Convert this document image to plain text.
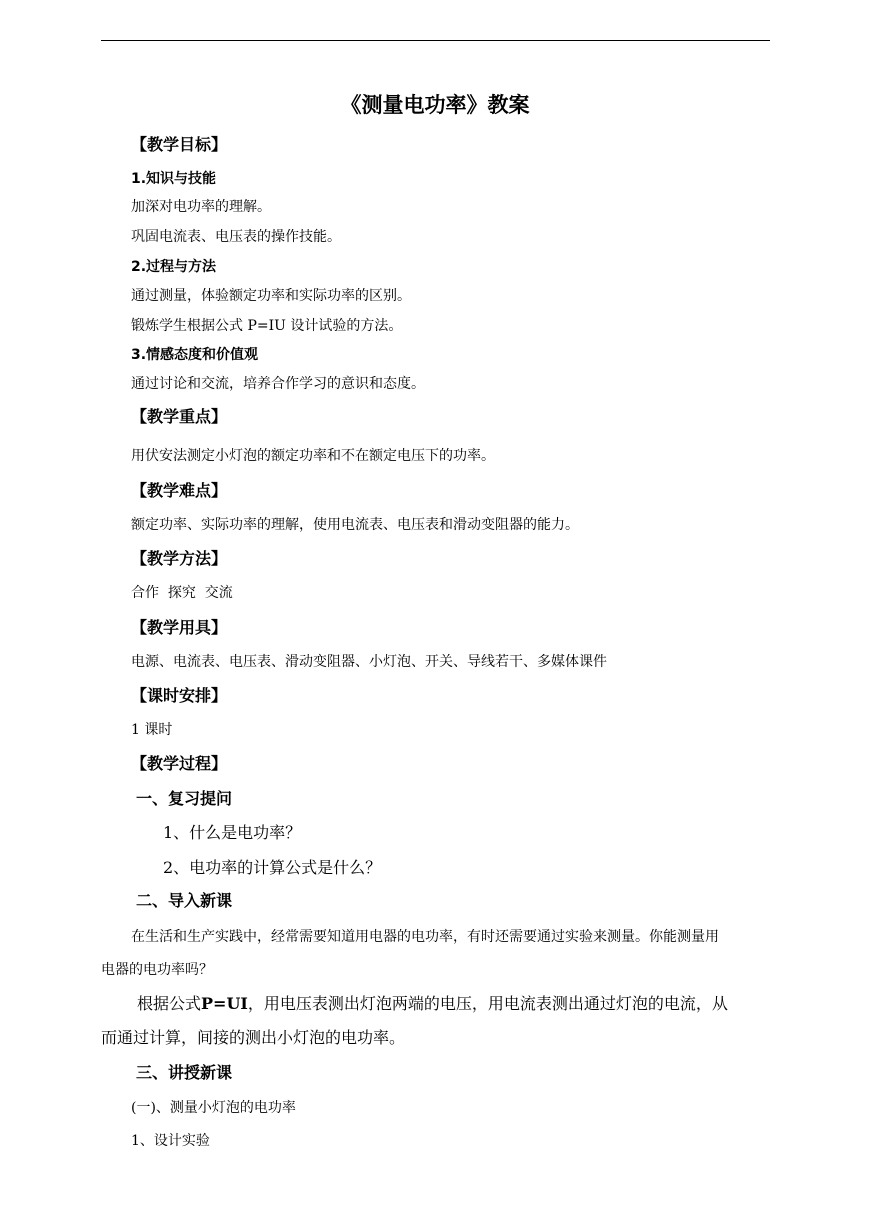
《测量电功率》教案
【教学目标】
1.知识与技能
加深对电功率的理解。
巩固电流表、电压表的操作技能。
2.过程与方法
通过测量，体验额定功率和实际功率的区别。
锻炼学生根据公式 P=IU 设计试验的方法。
3.情感态度和价值观
通过讨论和交流，培养合作学习的意识和态度。
【教学重点】
用伏安法测定小灯泡的额定功率和不在额定电压下的功率。
【教学难点】
额定功率、实际功率的理解，使用电流表、电压表和滑动变阻器的能力。
【教学方法】
合作  探究  交流
【教学用具】
电源、电流表、电压表、滑动变阻器、小灯泡、开关、导线若干、多媒体课件
【课时安排】
1 课时
【教学过程】
一、复习提问
1、什么是电功率？
2、电功率的计算公式是什么？
二、导入新课
在生活和生产实践中，经常需要知道用电器的电功率，有时还需要通过实验来测量。你能测量用
电器的电功率吗？
根据公式P=UI，用电压表测出灯泡两端的电压，用电流表测出通过灯泡的电流，从
而通过计算，间接的测出小灯泡的电功率。
三、讲授新课
(一)、测量小灯泡的电功率
1、设计实验
